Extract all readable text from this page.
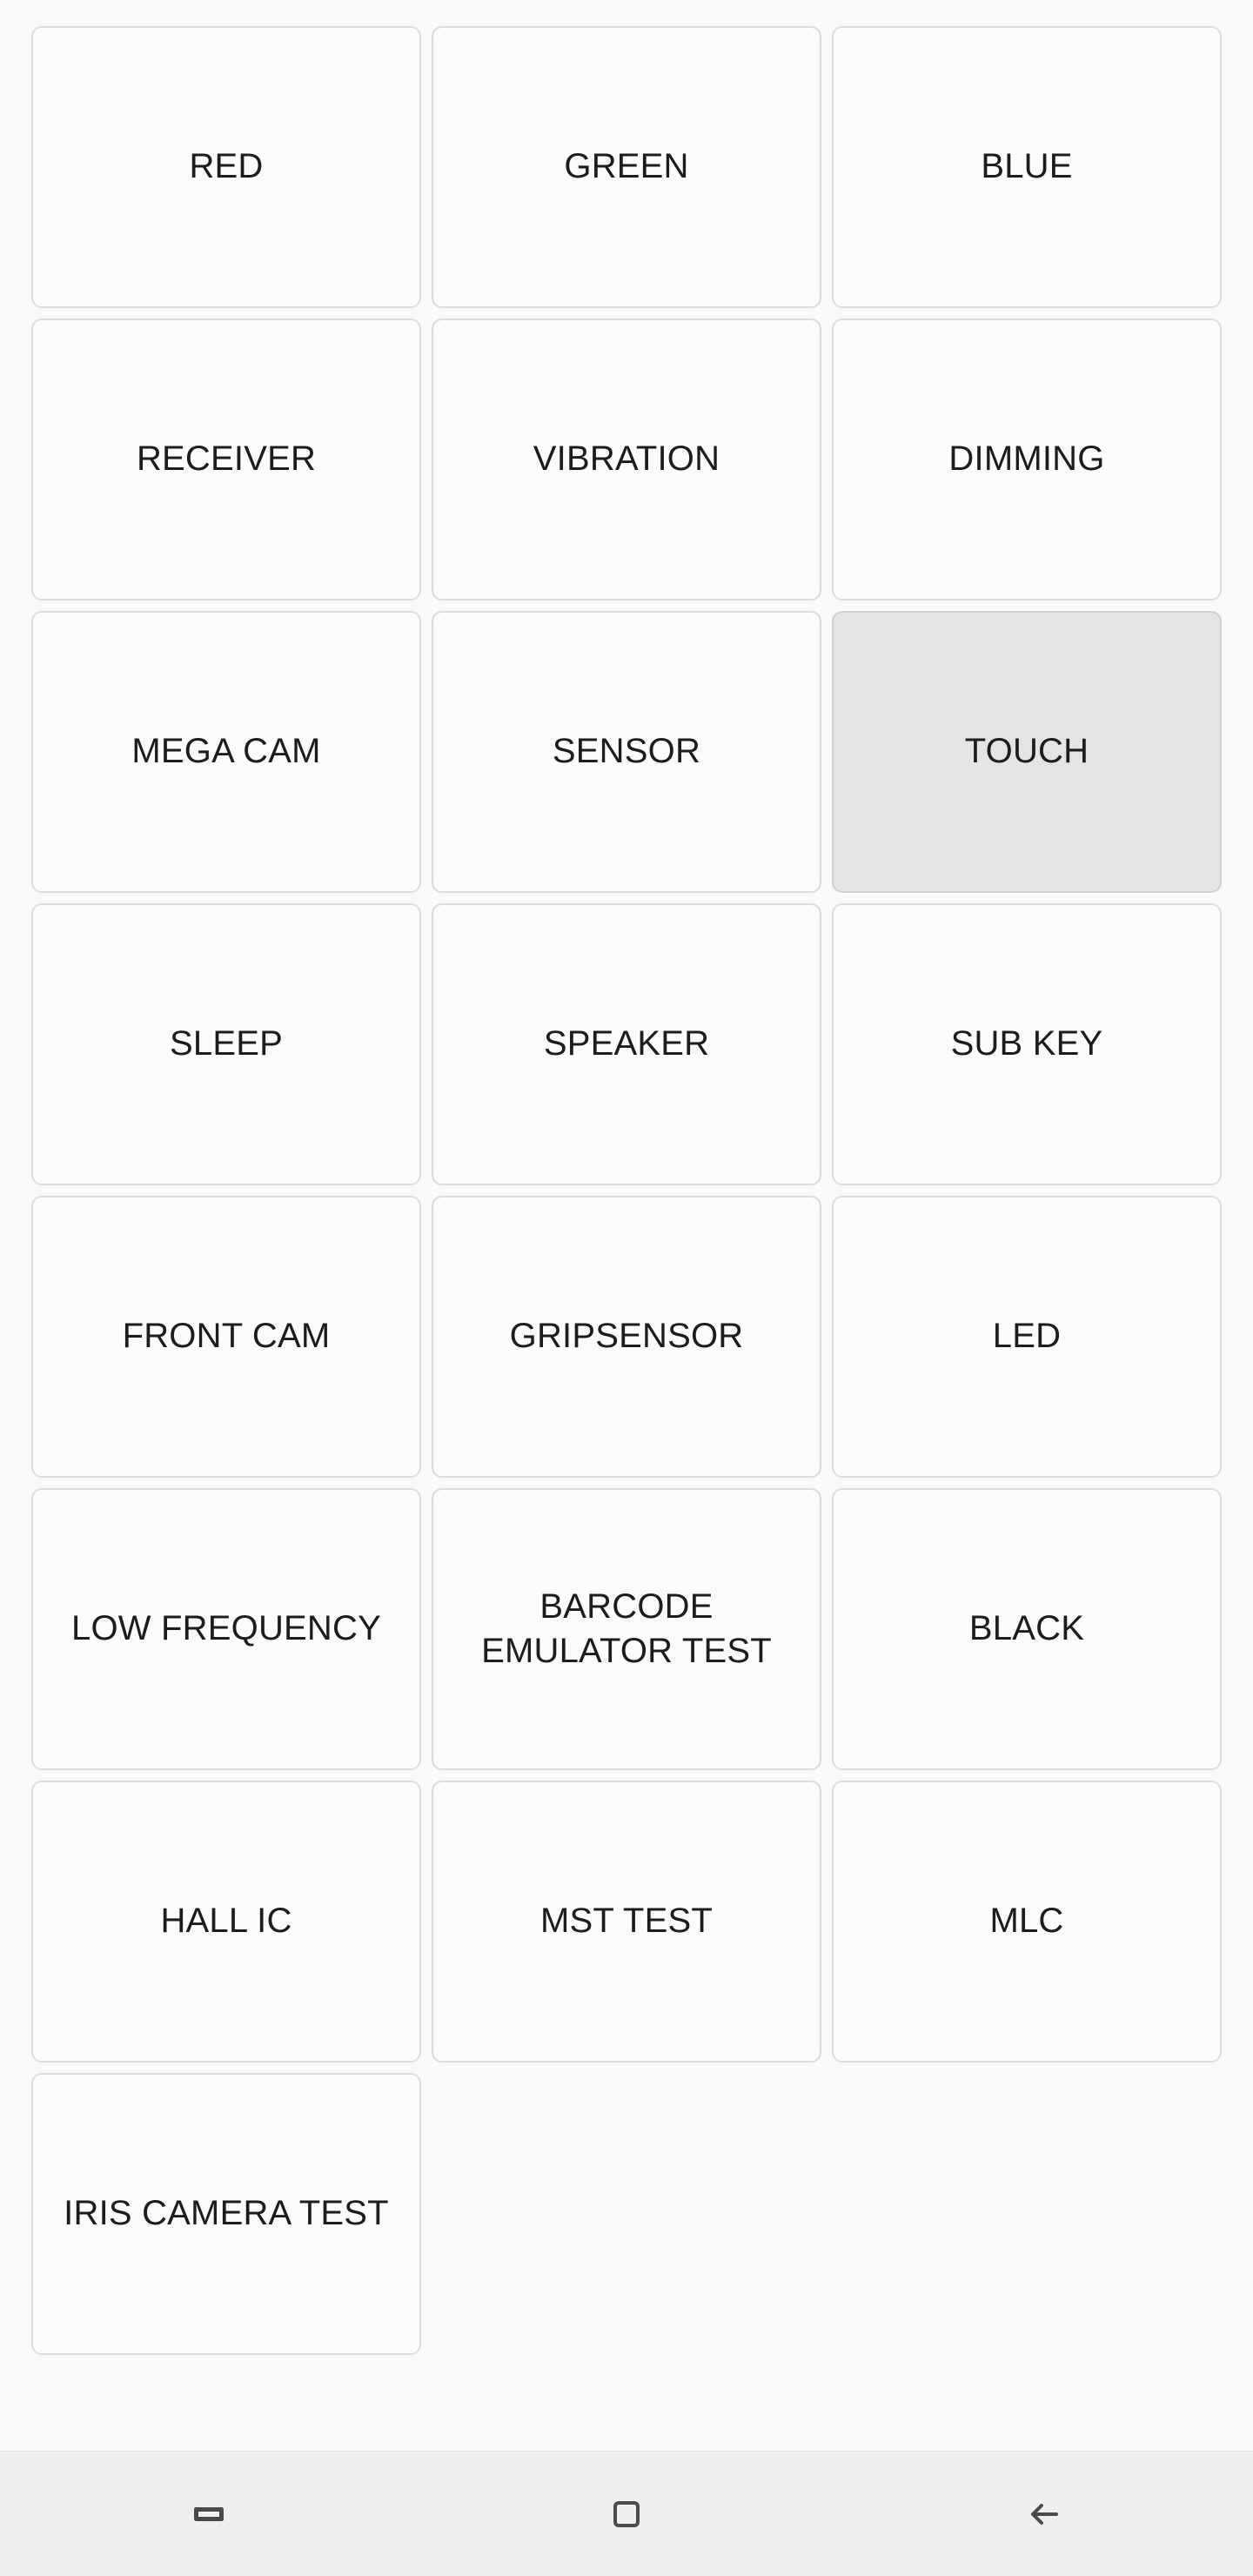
RED	GREEN	BLUE
RECEIVER	VIBRATION	DIMMING
MEGA CAM	SENSOR	TOUCH
SLEEP	SPEAKER	SUB KEY
FRONT CAM	GRIPSENSOR	LED
LOW FREQUENCY
BARCODE EMULATOR TEST
BLACK
HALL IC	MST TEST	MLC
IRIS CAMERA TEST
